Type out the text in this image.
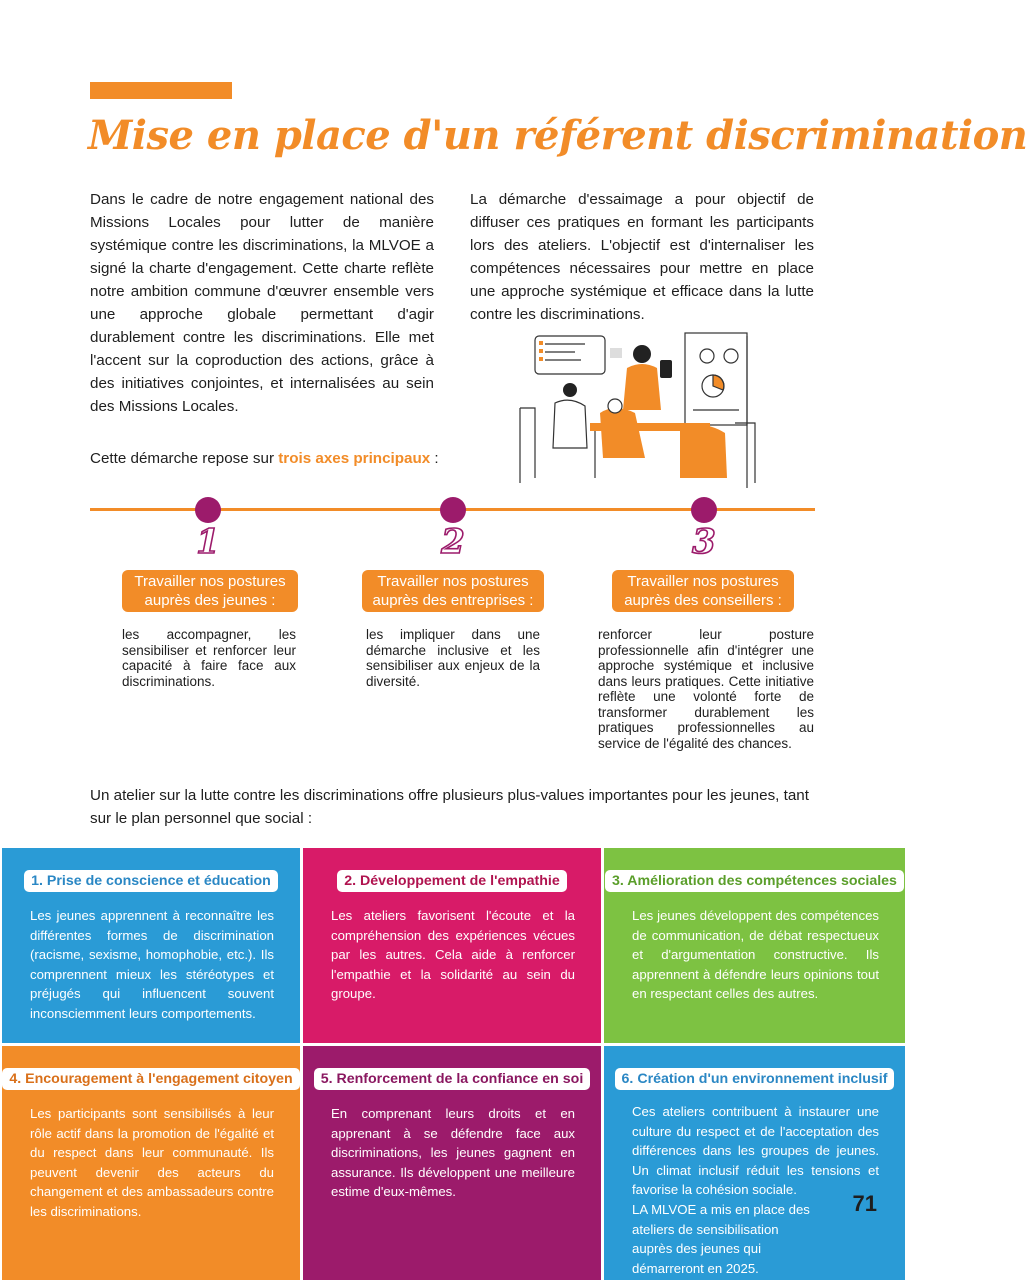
Mise en place d'un référent discrimination

Dans le cadre de notre engagement national des Missions Locales pour lutter de manière systémique contre les discriminations, la MLVOE a signé la charte d'engagement. Cette charte reflète notre ambition commune d'œuvrer ensemble vers une approche globale permettant d'agir durablement contre les discriminations. Elle met l'accent sur la coproduction des actions, grâce à des initiatives conjointes, et internalisées au sein des Missions Locales.

La démarche d'essaimage a pour objectif de diffuser ces pratiques en formant les participants lors des ateliers. L'objectif est d'internaliser les compétences nécessaires pour mettre en place une approche systémique et efficace dans la lutte contre les discriminations.

Cette démarche repose sur trois axes principaux :

1	2	3
Travailler nos postures auprès des jeunes :
Travailler nos postures auprès des entreprises :
Travailler nos postures auprès des conseillers :

les accompagner, les sensibiliser et renforcer leur capacité à faire face aux discriminations.

les impliquer dans une démarche inclusive et les sensibiliser aux enjeux de la diversité.

renforcer leur posture professionnelle afin d'intégrer une approche systémique et inclusive dans leurs pratiques. Cette initiative reflète une volonté forte de transformer durablement les pratiques professionnelles au service de l'égalité des chances.

Un atelier sur la lutte contre les discriminations offre plusieurs plus-values importantes pour les jeunes, tant sur le plan personnel que social :

1. Prise de conscience et éducation

Les jeunes apprennent à reconnaître les différentes formes de discrimination (racisme, sexisme, homophobie, etc.). Ils comprennent mieux les stéréotypes et préjugés qui influencent souvent inconsciemment leurs comportements.

2. Développement de l'empathie

Les ateliers favorisent l'écoute et la compréhension des expériences vécues par les autres. Cela aide à renforcer l'empathie et la solidarité au sein du groupe.

3. Amélioration des compétences sociales

Les jeunes développent des compétences de communication, de débat respectueux et d'argumentation constructive. Ils apprennent à défendre leurs opinions tout en respectant celles des autres.

4. Encouragement à l'engagement citoyen

Les participants sont sensibilisés à leur rôle actif dans la promotion de l'égalité et du respect dans leur communauté. Ils peuvent devenir des acteurs du changement et des ambassadeurs contre les discriminations.

5. Renforcement de la confiance en soi

En comprenant leurs droits et en apprenant à se défendre face aux discriminations, les jeunes gagnent en assurance. Ils développent une meilleure estime d'eux-mêmes.

6. Création d'un environnement inclusif

Ces ateliers contribuent à instaurer une culture du respect et de l'acceptation des différences dans les groupes de jeunes. Un climat inclusif réduit les tensions et favorise la cohésion sociale.

LA MLVOE a mis en place des ateliers de sensibilisation auprès des jeunes qui démarreront en 2025.

71
